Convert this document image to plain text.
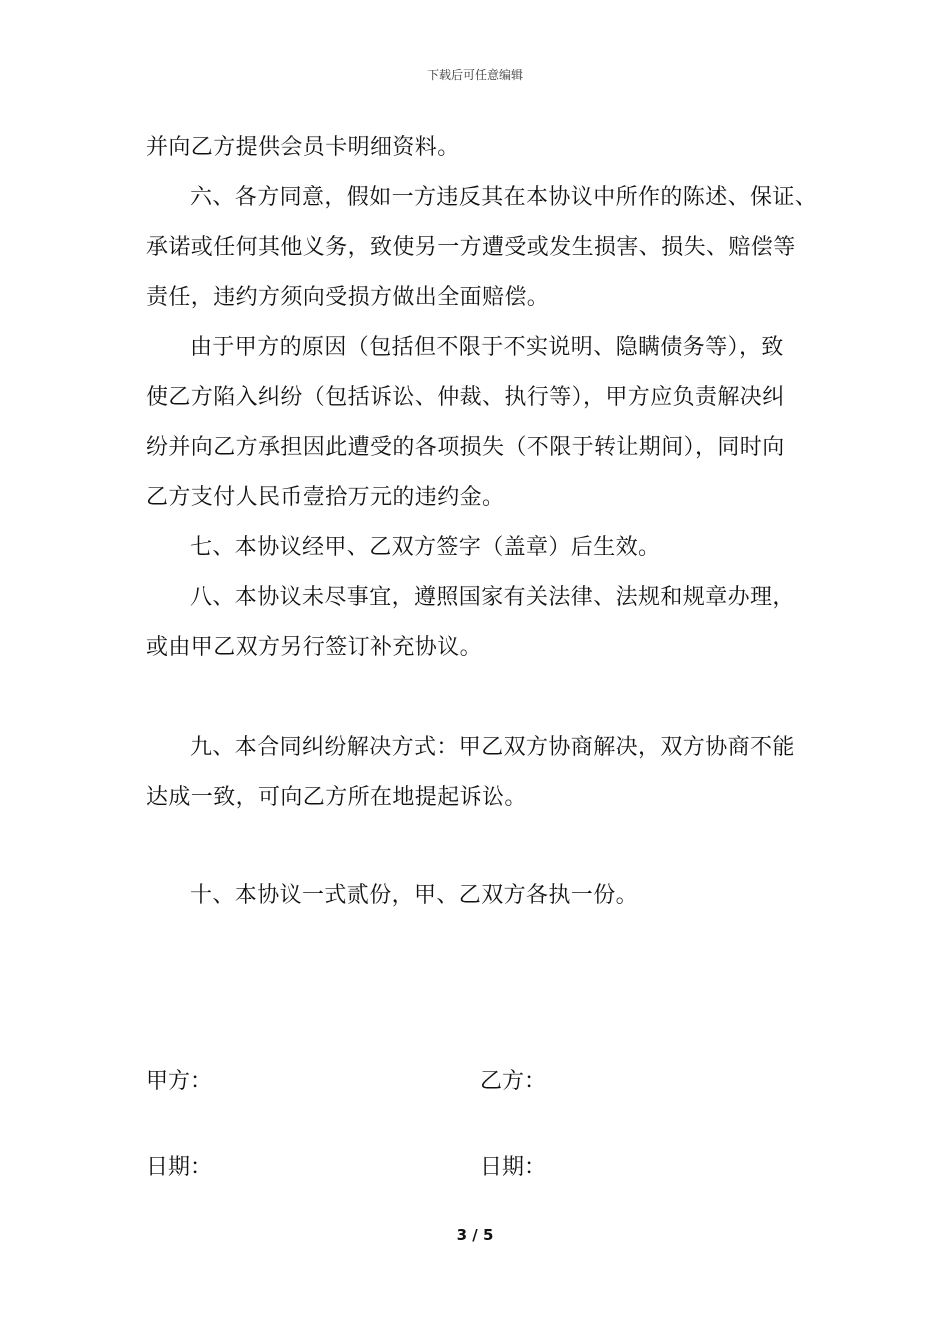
下载后可任意编辑
并向乙方提供会员卡明细资料。
六、各方同意，假如一方违反其在本协议中所作的陈述、保证、
承诺或任何其他义务，致使另一方遭受或发生损害、损失、赔偿等
责任，违约方须向受损方做出全面赔偿。
由于甲方的原因（包括但不限于不实说明、隐瞒债务等），致
使乙方陷入纠纷（包括诉讼、仲裁、执行等），甲方应负责解决纠
纷并向乙方承担因此遭受的各项损失（不限于转让期间），同时向
乙方支付人民币壹拾万元的违约金。
七、本协议经甲、乙双方签字（盖章）后生效。
八、本协议未尽事宜，遵照国家有关法律、法规和规章办理，
或由甲乙双方另行签订补充协议。
九、本合同纠纷解决方式：甲乙双方协商解决，双方协商不能
达成一致，可向乙方所在地提起诉讼。
十、本协议一式贰份，甲、乙双方各执一份。
甲方：	乙方：
日期：	日期：
3 / 5
